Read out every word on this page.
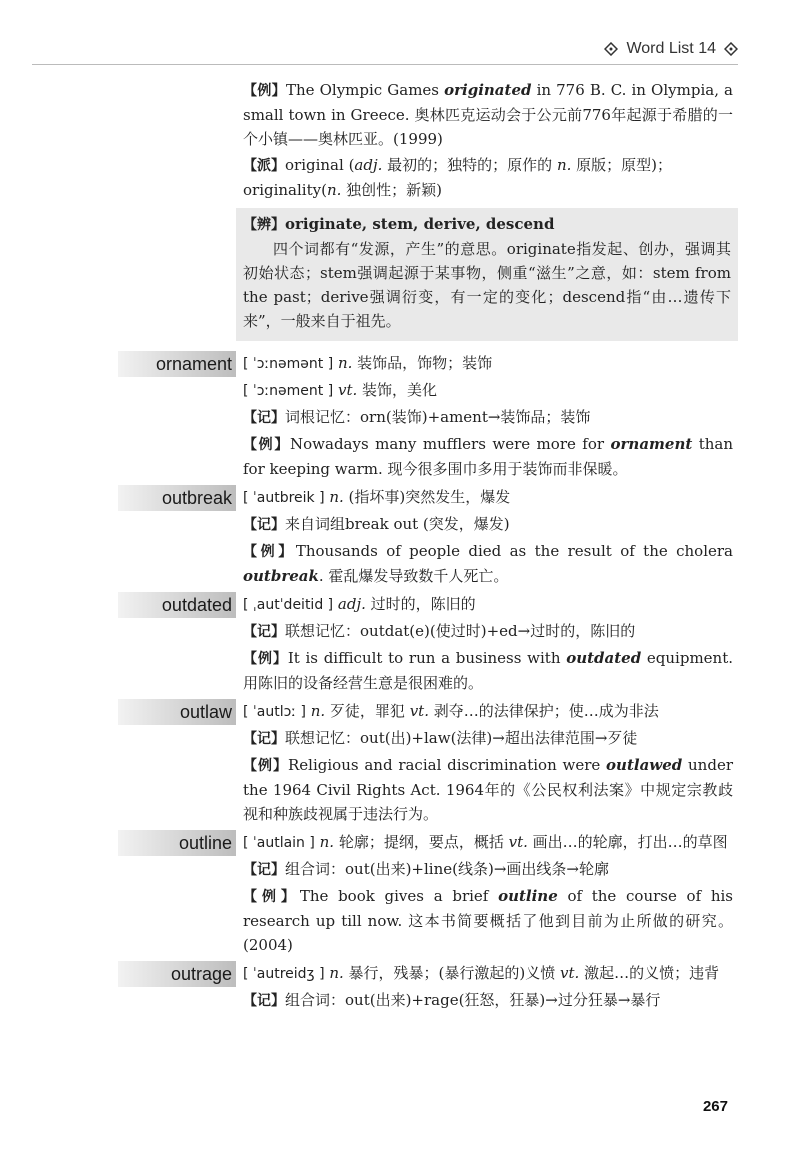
Word List 14
【例】The Olympic Games originated in 776 B. C. in Olympia, a small town in Greece. 奥林匹克运动会于公元前776年起源于希腊的一个小镇——奥林匹亚。(1999)
【派】original (adj. 最初的；独特的；原作的 n. 原版；原型)；
originality(n. 独创性；新颖)
【辨】originate, stem, derive, descend
四个词都有“发源，产生”的意思。originate指发起、创办，强调其初始状态；stem强调起源于某事物，侧重“滋生”之意，如：stem from the past；derive强调衍变，有一定的变化；descend指“由…遗传下来”，一般来自于祖先。
ornament [ ˈɔːnəmənt ] n. 装饰品，饰物；装饰
[ ˈɔːnəment ] vt. 装饰，美化
【记】词根记忆：orn(装饰)+ament→装饰品；装饰
【例】Nowadays many mufflers were more for ornament than for keeping warm. 现今很多围巾多用于装饰而非保暖。
outbreak [ ˈautbreik ] n. (指坏事)突然发生，爆发
【记】来自词组break out (突发，爆发)
【例】Thousands of people died as the result of the cholera outbreak. 霍乱爆发导致数千人死亡。
outdated [ ˌautˈdeitid ] adj. 过时的，陈旧的
【记】联想记忆：outdat(e)(使过时)+ed→过时的，陈旧的
【例】It is difficult to run a business with outdated equipment. 用陈旧的设备经营生意是很困难的。
outlaw [ ˈautlɔː ] n. 歹徒，罪犯 vt. 剥夺…的法律保护；使…成为非法
【记】联想记忆：out(出)+law(法律)→超出法律范围→歹徒
【例】Religious and racial discrimination were outlawed under the 1964 Civil Rights Act. 1964年的《公民权利法案》中规定宗教歧视和种族歧视属于违法行为。
outline [ ˈautlain ] n. 轮廓；提纲，要点，概括 vt. 画出…的轮廓，打出…的草图
【记】组合词：out(出来)+line(线条)→画出线条→轮廓
【例】The book gives a brief outline of the course of his research up till now. 这本书简要概括了他到目前为止所做的研究。(2004)
outrage [ ˈautreidʒ ] n. 暴行，残暴；(暴行激起的)义愤 vt. 激起…的义愤；违背
【记】组合词：out(出来)+rage(狂怒，狂暴)→过分狂暴→暴行
267
